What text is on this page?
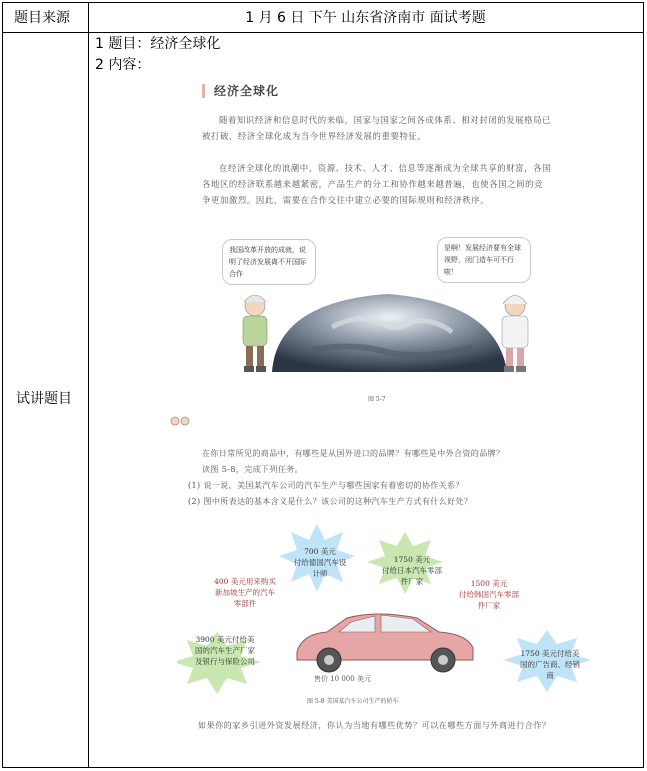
题目来源	1 月 6 日 下午 山东省济南市 面试考题
试讲题目
1 题目：经济全球化
2 内容：
经济全球化
随着知识经济和信息时代的来临，国家与国家之间各成体系、相对封闭的发展格局已被打破，经济全球化成为当今世界经济发展的重要特征。
在经济全球化的浪潮中，资源、技术、人才、信息等逐渐成为全球共享的财富，各国各地区的经济联系越来越紧密，产品生产的分工和协作越来越普遍，也使各国之间的竞争更加激烈。因此，需要在合作交往中建立必要的国际规则和经济秩序。
我国改革开放的成就，说明了经济发展离不开国际合作
是啊！发展经济要有全球视野，闭门造车可不行啦！
图 5-7
在你日常所见的商品中，有哪些是从国外进口的品牌？有哪些是中外合资的品牌？
读图 5-8，完成下列任务。
(1) 说一说，美国某汽车公司的汽车生产与哪些国家有着密切的协作关系？
(2) 图中所表达的基本含义是什么？该公司的这种汽车生产方式有什么好处？
700 美元
付给德国汽车设计师
1750 美元
付给日本汽车零部件厂家
400 美元用来购买新加坡生产的汽车零部件
1500 美元
付给韩国汽车零部件厂家
3900 美元付给美国的汽车生产厂家及银行与保险公司
1750 美元付给美国的广告商、经销商
售价 10 000 美元
图 5-8 美国某汽车公司生产的轿车
如果你的家乡引进外资发展经济，你认为当地有哪些优势？可以在哪些方面与外商进行合作？
